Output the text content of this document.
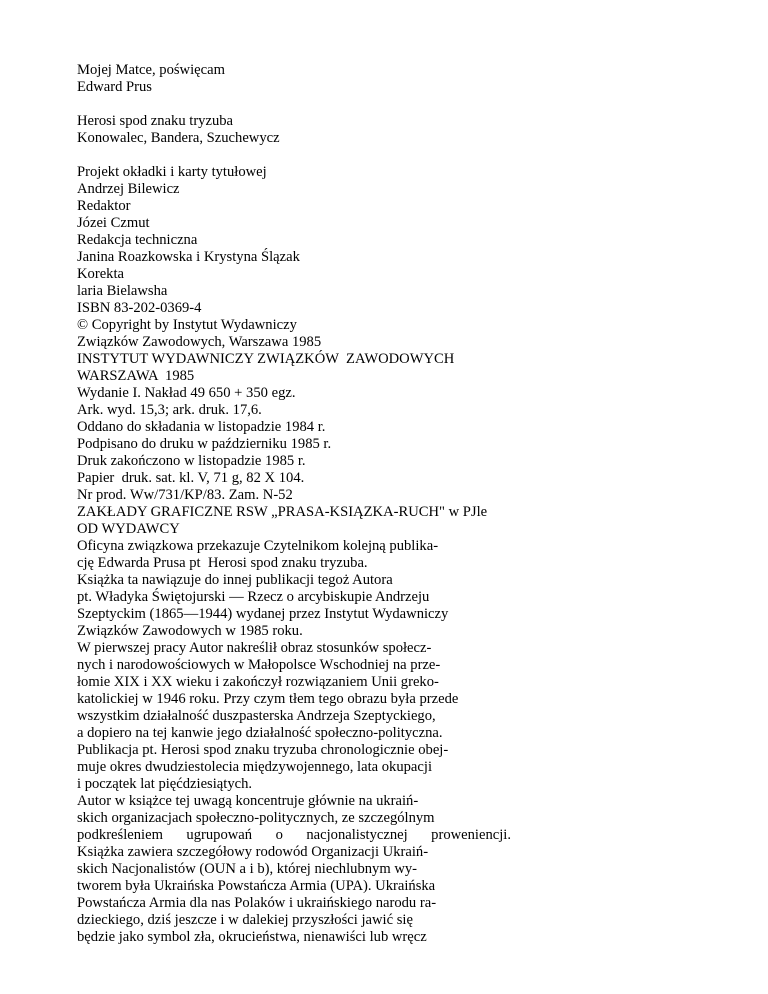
Mojej Matce, poświęcam
Edward Prus
Herosi spod znaku tryzuba
Konowalec, Bandera, Szuchewycz
Projekt okładki i karty tytułowej
Andrzej Bilewicz
Redaktor
Józei Czmut
Redakcja techniczna
Janina Roazkowska i Krystyna Ślązak
Korekta
laria Bielawsha
ISBN 83-202-0369-4
© Copyright by Instytut Wydawniczy
Związków Zawodowych, Warszawa 1985
INSTYTUT WYDAWNICZY ZWIĄZKÓW  ZAWODOWYCH
WARSZAWA  1985
Wydanie I. Nakład 49 650 + 350 egz.
Ark. wyd. 15,3; ark. druk. 17,6.
Oddano do składania w listopadzie 1984 r.
Podpisano do druku w październiku 1985 r.
Druk zakończono w listopadzie 1985 r.
Papier  druk. sat. kl. V, 71 g, 82 X 104.
Nr prod. Ww/731/KP/83. Zam. N-52
ZAKŁADY GRAFICZNE RSW „PRASA-KSIĄZKA-RUCH" w PJle
OD WYDAWCY
Oficyna związkowa przekazuje Czytelnikom kolejną publika-
cję Edwarda Prusa pt  Herosi spod znaku tryzuba.
Książka ta nawiązuje do innej publikacji tegoż Autora
pt. Władyka Świętojurski — Rzecz o arcybiskupie Andrzeju
Szeptyckim (1865—1944) wydanej przez Instytut Wydawniczy
Związków Zawodowych w 1985 roku.
W pierwszej pracy Autor nakreślił obraz stosunków społecz-
nych i narodowościowych w Małopolsce Wschodniej na prze-
łomie XIX i XX wieku i zakończył rozwiązaniem Unii greko-
katolickiej w 1946 roku. Przy czym tłem tego obrazu była przede
wszystkim działalność duszpasterska Andrzeja Szeptyckiego,
a dopiero na tej kanwie jego działalność społeczno-polityczna.
Publikacja pt. Herosi spod znaku tryzuba chronologicznie obej-
muje okres dwudziestolecia międzywojennego, lata okupacji
i początek lat pięćdziesiątych.
Autor w książce tej uwagą koncentruje głównie na ukraiń-
skich organizacjach społeczno-politycznych, ze szczególnym
podkreśleniem ugrupowań o nacjonalistycznej proweniencji.
Książka zawiera szczegółowy rodowód Organizacji Ukraiń-
skich Nacjonalistów (OUN a i b), której niechlubnym wy-
tworem była Ukraińska Powstańcza Armia (UPA). Ukraińska
Powstańcza Armia dla nas Polaków i ukraińskiego narodu ra-
dzieckiego, dziś jeszcze i w dalekiej przyszłości jawić się
będzie jako symbol zła, okrucieństwa, nienawiści lub wręcz
